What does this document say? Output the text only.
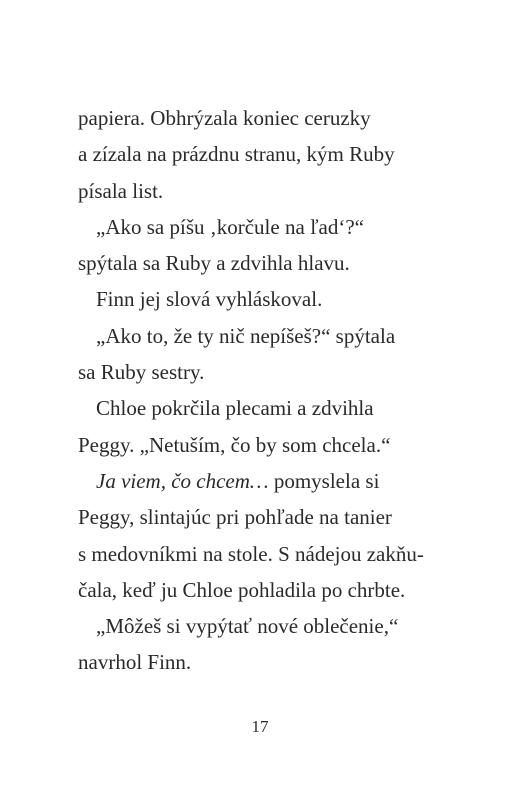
papiera. Obhrýzala koniec ceruzky
a zízala na prázdnu stranu, kým Ruby
písala list.
„Ako sa píšu ‚korčule na ľad‘?“
spýtala sa Ruby a zdvihla hlavu.
Finn jej slová vyhláskoval.
„Ako to, že ty nič nepíšeš?“ spýtala
sa Ruby sestry.
Chloe pokrčila plecami a zdvihla
Peggy. „Netuším, čo by som chcela.“
Ja viem, čo chcem… pomyslela si
Peggy, slintajúc pri pohľade na tanier
s medovníkmi na stole. S nádejou zakňu-
čala, keď ju Chloe pohladila po chrbte.
„Môžeš si vypýtať nové oblečenie,“
navrhol Finn.
17
